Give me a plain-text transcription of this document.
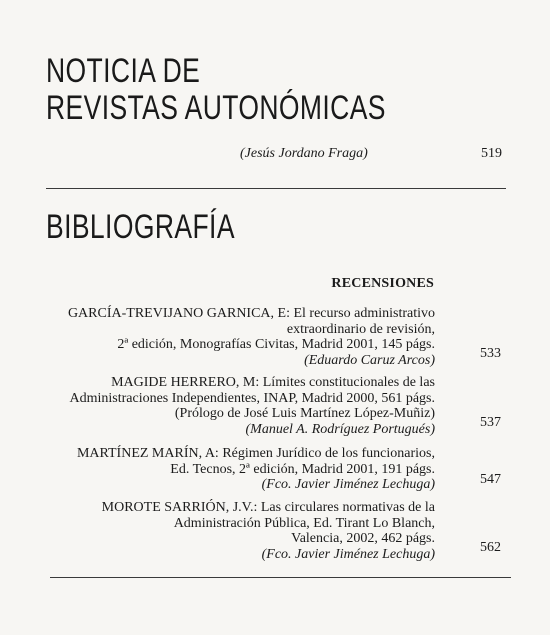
NOTICIA DE
REVISTAS AUTONÓMICAS
(Jesús Jordano Fraga)	519
BIBLIOGRAFÍA
RECENSIONES
GARCÍA-TREVIJANO GARNICA, E: El recurso administrativo
extraordinario de revisión,
2ª edición, Monografías Civitas, Madrid 2001, 145 págs.
(Eduardo Caruz Arcos)	533
MAGIDE HERRERO, M: Límites constitucionales de las
Administraciones Independientes, INAP, Madrid 2000, 561 págs.
(Prólogo de José Luis Martínez López-Muñiz)
(Manuel A. Rodríguez Portugués)	537
MARTÍNEZ MARÍN, A: Régimen Jurídico de los funcionarios,
Ed. Tecnos, 2ª edición, Madrid 2001, 191 págs.
(Fco. Javier Jiménez Lechuga)	547
MOROTE SARRIÓN, J.V.: Las circulares normativas de la
Administración Pública, Ed. Tirant Lo Blanch,
Valencia, 2002, 462 págs.
(Fco. Javier Jiménez Lechuga)	562
